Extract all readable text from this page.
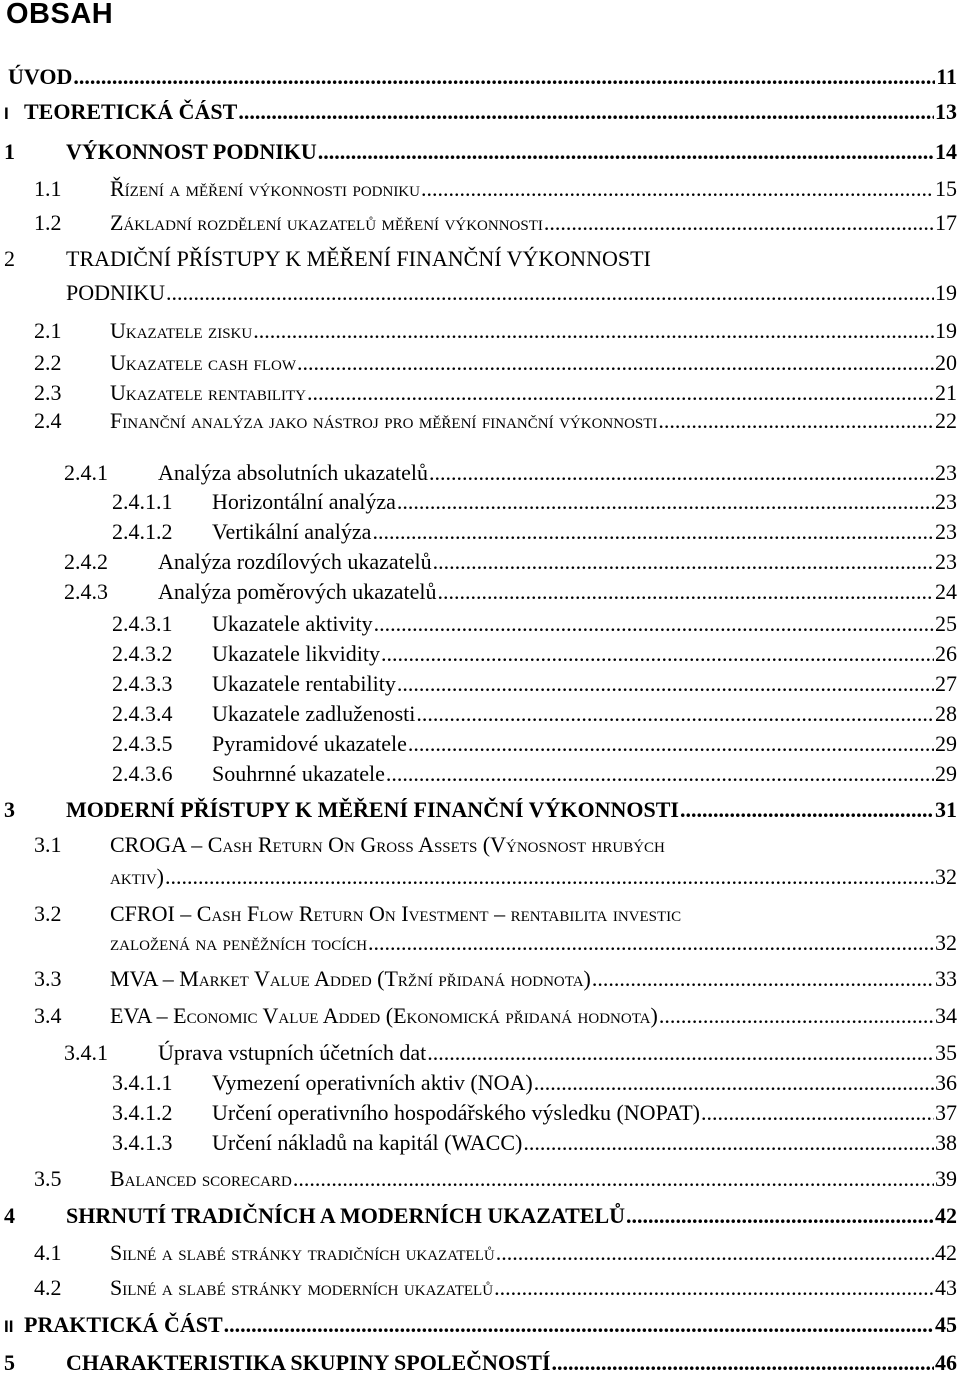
OBSAH
ÚVOD .....	11
I TEORETICKÁ ČÁST .....	13
1	VÝKONNOST PODNIKU .....	14
1.1	Řízení a měření výkonnosti podniku .....	15
1.2	Základní rozdělení ukazatelů měření výkonnosti .....	17
2 TRADIČNÍ PŘÍSTUPY K MĚŘENÍ FINANČNÍ VÝKONNOSTI
PODNIKU .....	19
2.1	Ukazatele zisku .....	19
2.2	Ukazatele cash flow .....	20
2.3	Ukazatele rentability .....	21
2.4	Finanční analýza jako nástroj pro měření finanční výkonnosti .....	22
2.4.1	Analýza absolutních ukazatelů .....	23
2.4.1.1	Horizontální analýza .....	23
2.4.1.2	Vertikální analýza .....	23
2.4.2	Analýza rozdílových ukazatelů .....	23
2.4.3	Analýza poměrových ukazatelů .....	24
2.4.3.1	Ukazatele aktivity .....	25
2.4.3.2	Ukazatele likvidity .....	26
2.4.3.3	Ukazatele rentability .....	27
2.4.3.4	Ukazatele zadluženosti .....	28
2.4.3.5	Pyramidové ukazatele .....	29
2.4.3.6	Souhrnné ukazatele .....	29
3	MODERNÍ PŘÍSTUPY K MĚŘENÍ FINANČNÍ VÝKONNOSTI .....	31
3.1 CROGA – Cash Return On Gross Assets (Výnosnost hrubých
aktiv) .....	32
3.2 CFROI – Cash Flow Return On Ivestment – rentabilita investic
založená na peněžních tocích .....	32
3.3	MVA – Market Value Added (Tržní přidaná hodnota) .....	33
3.4	EVA – Economic Value Added (Ekonomická přidaná hodnota) .....	34
3.4.1	Úprava vstupních účetních dat .....	35
3.4.1.1	Vymezení operativních aktiv (NOA) .....	36
3.4.1.2	Určení operativního hospodářského výsledku (NOPAT) .....	37
3.4.1.3	Určení nákladů na kapitál (WACC) .....	38
3.5	Balanced scorecard .....	39
4	SHRNUTÍ TRADIČNÍCH A MODERNÍCH UKAZATELŮ .....	42
4.1	Silné a slabé stránky tradičních ukazatelů .....	42
4.2	Silné a slabé stránky moderních ukazatelů .....	43
II PRAKTICKÁ ČÁST .....	45
5	CHARAKTERISTIKA SKUPINY SPOLEČNOSTÍ .....	46
